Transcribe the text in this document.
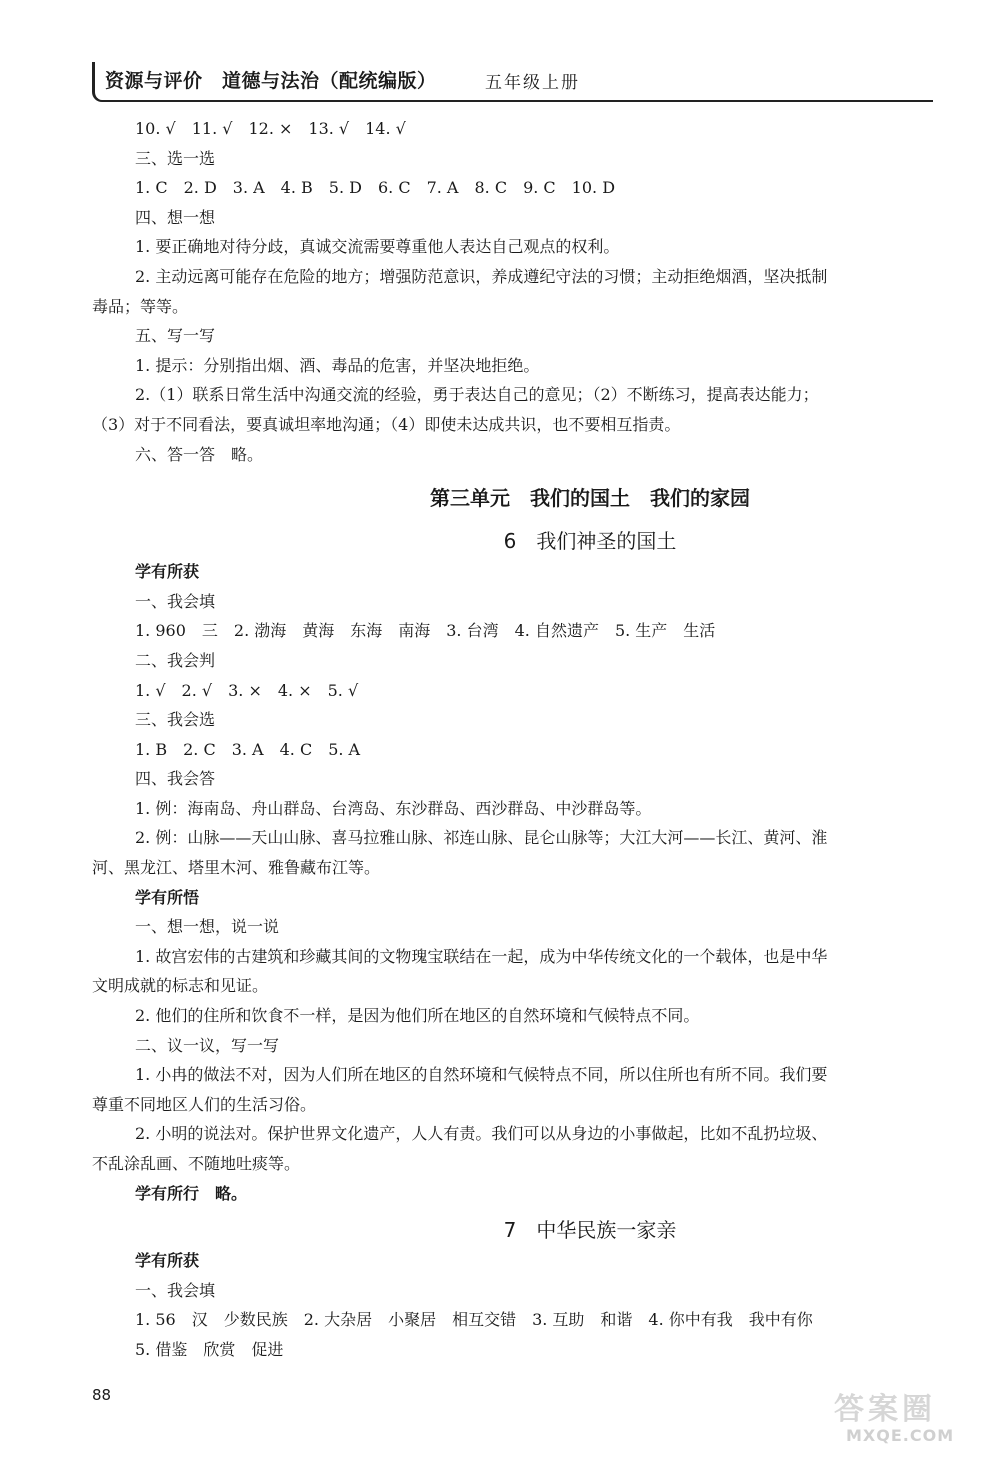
资源与评价　道德与法治（配统编版）	五年级上册
10. √　11. √　12. ×　13. √　14. √
三、选一选
1. C　2. D　3. A　4. B　5. D　6. C　7. A　8. C　9. C　10. D
四、想一想
1. 要正确地对待分歧，真诚交流需要尊重他人表达自己观点的权利。
2. 主动远离可能存在危险的地方；增强防范意识，养成遵纪守法的习惯；主动拒绝烟酒，坚决抵制
毒品；等等。
五、写一写
1. 提示：分别指出烟、酒、毒品的危害，并坚决地拒绝。
2.（1）联系日常生活中沟通交流的经验，勇于表达自己的意见；（2）不断练习，提高表达能力；
（3）对于不同看法，要真诚坦率地沟通；（4）即使未达成共识，也不要相互指责。
六、答一答　略。
第三单元　我们的国土　我们的家园
6　我们神圣的国土
学有所获
一、我会填
1. 960　三　2. 渤海　黄海　东海　南海　3. 台湾　4. 自然遗产　5. 生产　生活
二、我会判
1. √　2. √　3. ×　4. ×　5. √
三、我会选
1. B　2. C　3. A　4. C　5. A
四、我会答
1. 例：海南岛、舟山群岛、台湾岛、东沙群岛、西沙群岛、中沙群岛等。
2. 例：山脉——天山山脉、喜马拉雅山脉、祁连山脉、昆仑山脉等；大江大河——长江、黄河、淮
河、黑龙江、塔里木河、雅鲁藏布江等。
学有所悟
一、想一想，说一说
1. 故宫宏伟的古建筑和珍藏其间的文物瑰宝联结在一起，成为中华传统文化的一个载体，也是中华
文明成就的标志和见证。
2. 他们的住所和饮食不一样，是因为他们所在地区的自然环境和气候特点不同。
二、议一议，写一写
1. 小冉的做法不对，因为人们所在地区的自然环境和气候特点不同，所以住所也有所不同。我们要
尊重不同地区人们的生活习俗。
2. 小明的说法对。保护世界文化遗产，人人有责。我们可以从身边的小事做起，比如不乱扔垃圾、
不乱涂乱画、不随地吐痰等。
学有所行　略。
7　中华民族一家亲
学有所获
一、我会填
1. 56　汉　少数民族　2. 大杂居　小聚居　相互交错　3. 互助　和谐　4. 你中有我　我中有你
5. 借鉴　欣赏　促进
88	答案圈
MXQE.COM
